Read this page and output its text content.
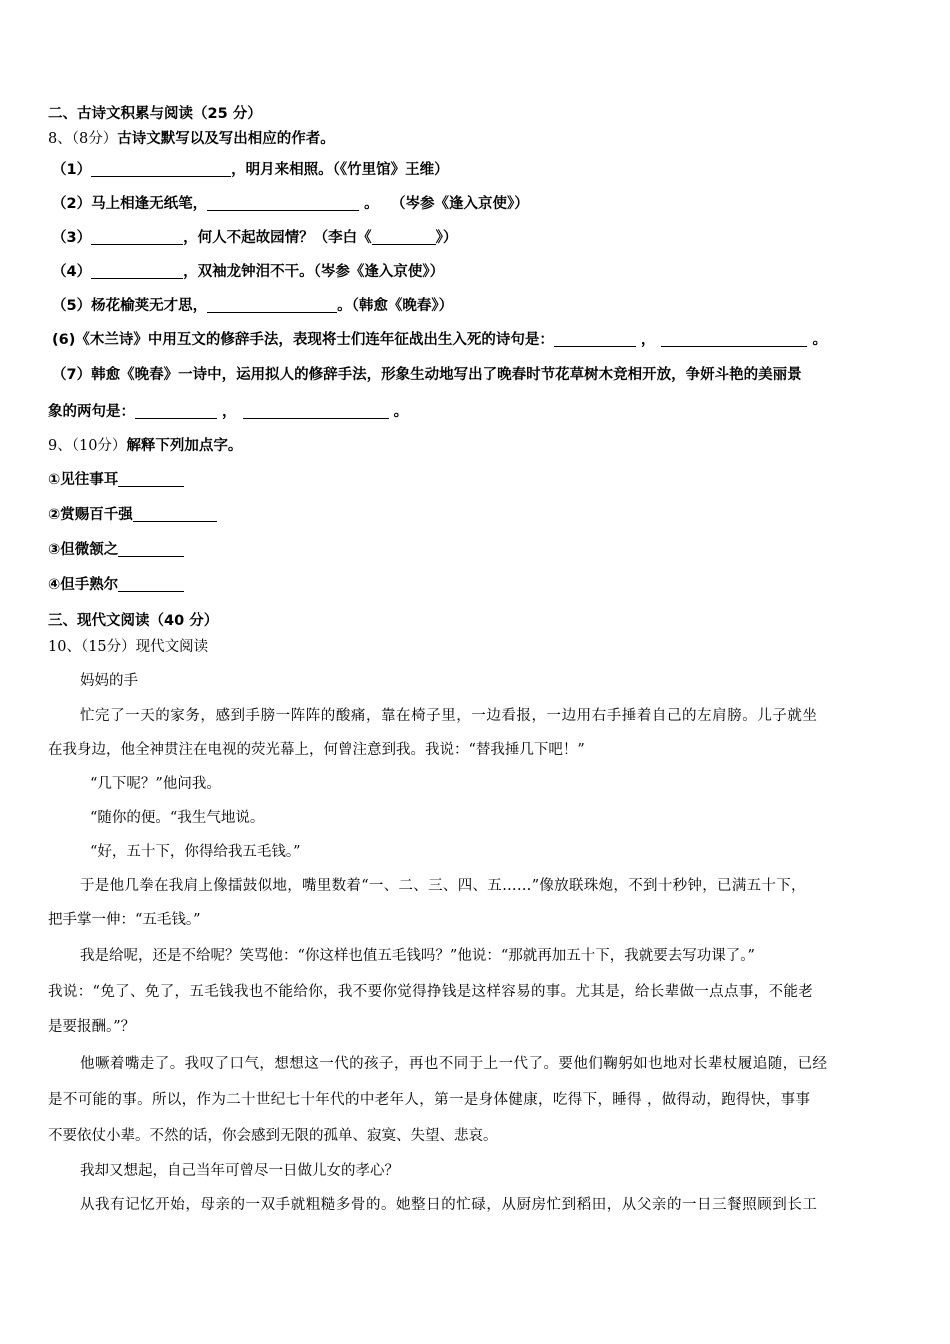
二、古诗文积累与阅读（25 分）
8、（8分）古诗文默写以及写出相应的作者。
（1）	，明月来相照。（《竹里馆》王维）
（2）马上相逢无纸笔，	。　 （岑参《逢入京使》）
（3）	，何人不起故园情？（李白《	》）
（4）	，双袖龙钟泪不干。（岑参《逢入京使》）
（5）杨花榆荚无才思，	。（韩愈《晚春》）
(6)《木兰诗》中用互文的修辞手法，表现将士们连年征战出生入死的诗句是：	，	。
（7）韩愈《晚春》一诗中，运用拟人的修辞手法，形象生动地写出了晚春时节花草树木竞相开放，争妍斗艳的美丽景
象的两句是：	，	。
9、（10分）解释下列加点字。
①见往事耳
②赏赐百千强
③但微颔之
④但手熟尔
三、现代文阅读（40 分）
10、（15分）现代文阅读
妈妈的手
忙完了一天的家务，感到手膀一阵阵的酸痛，靠在椅子里，一边看报，一边用右手捶着自己的左肩膀。儿子就坐
在我身边，他全神贯注在电视的荧光幕上，何曾注意到我。我说：“替我捶几下吧！”
“几下呢？”他问我。
“随你的便。“我生气地说。
“好，五十下，你得给我五毛钱。”
于是他几拳在我肩上像擂鼓似地，嘴里数着“一、二、三、四、五……”像放联珠炮，不到十秒钟，已满五十下，
把手掌一伸：“五毛钱。”
我是给呢，还是不给呢？笑骂他：“你这样也值五毛钱吗？”他说：“那就再加五十下，我就要去写功课了。”
我说：“免了、免了，五毛钱我也不能给你，我不要你觉得挣钱是这样容易的事。尤其是，给长辈做一点点事，不能老
是要报酬。”？
他噘着嘴走了。我叹了口气，想想这一代的孩子，再也不同于上一代了。要他们鞠躬如也地对长辈杖履追随，已经
是不可能的事。所以，作为二十世纪七十年代的中老年人，第一是身体健康，吃得下，睡得 ，做得动，跑得快，事事
不要依仗小辈。不然的话，你会感到无限的孤单、寂寞、失望、悲哀。
我却又想起，自己当年可曾尽一日做儿女的孝心？
从我有记忆开始，母亲的一双手就粗糙多骨的。她整日的忙碌，从厨房忙到稻田，从父亲的一日三餐照顾到长工
